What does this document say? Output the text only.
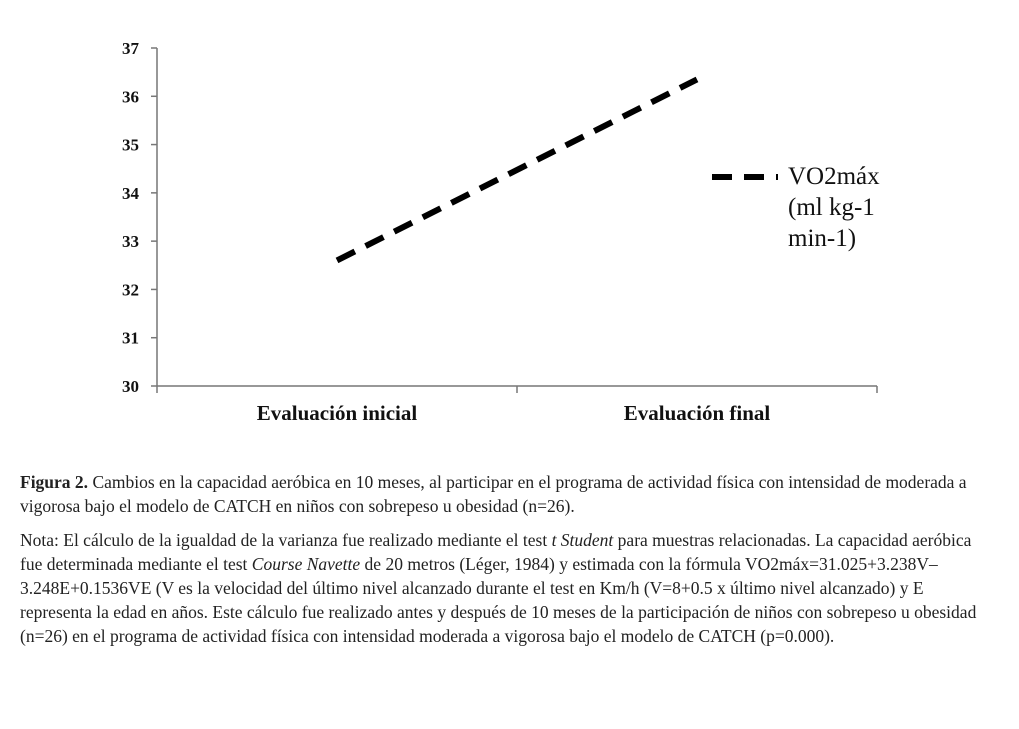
30
31
32
33
34
35
36
37
Evaluación inicial	Evaluación final
VO2máx
(ml kg-1
min-1)

Figura 2. Cambios en la capacidad aeróbica en 10 meses, al participar en el programa de actividad física con intensidad de moderada a vigorosa bajo el modelo de CATCH en niños con sobrepeso u obesidad (n=26).

Nota: El cálculo de la igualdad de la varianza fue realizado mediante el test t Student para muestras relacionadas. La capacidad aeróbica fue determinada mediante el test Course Navette de 20 metros (Léger, 1984) y estimada con la fórmula VO2máx=31.025+3.238V– 3.248E+0.1536VE (V es la velocidad del último nivel alcanzado durante el test en Km/h (V=8+0.5 x último nivel alcanzado) y E representa la edad en años. Este cálculo fue realizado antes y después de 10 meses de la participación de niños con sobrepeso u obesidad (n=26) en el programa de actividad física con intensidad moderada a vigorosa bajo el modelo de CATCH (p=0.000).
